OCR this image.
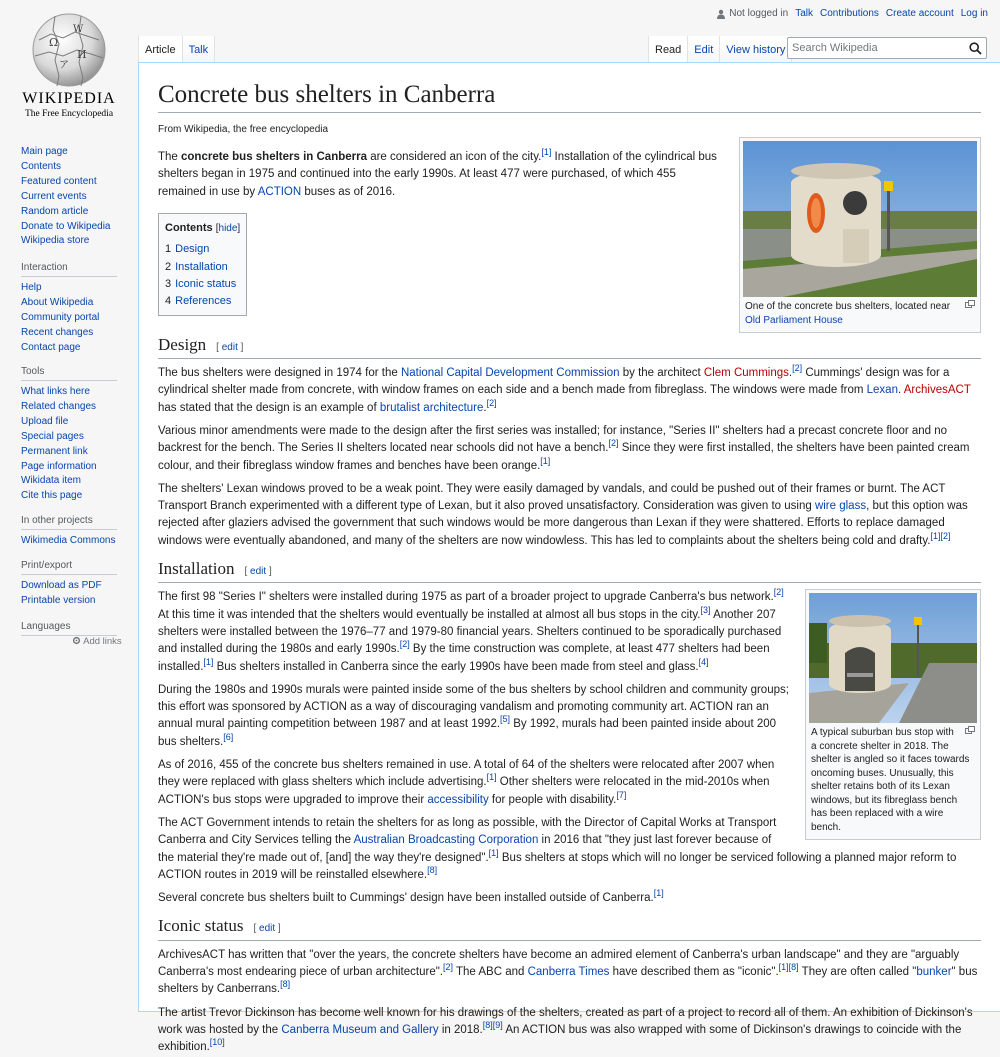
Ω
W
И
ア
WIKIPEDIA
The Free Encyclopedia
Main page
Contents
Featured content
Current events
Random article
Donate to Wikipedia
Wikipedia store
Interaction
Help
About Wikipedia
Community portal
Recent changes
Contact page
Tools
What links here
Related changes
Upload file
Special pages
Permanent link
Page information
Wikidata item
Cite this page
In other projects
Wikimedia Commons
Print/export
Download as PDF
Printable version
Languages
Add links
Not logged in Talk Contributions Create account Log in
Article	Talk	Read	Edit	View history
Search Wikipedia
Concrete bus shelters in Canberra
From Wikipedia, the free encyclopedia
One of the concrete bus shelters, located near Old Parliament House

The concrete bus shelters in Canberra are considered an icon of the city.[1] Installation of the cylindrical bus shelters began in 1975 and continued into the early 1990s. At least 477 were purchased, of which 455 remained in use by ACTION buses as of 2016.

Contents [hide]
1 Design
2 Installation
3 Iconic status
4 References
Design [ edit ]

The bus shelters were designed in 1974 for the National Capital Development Commission by the architect Clem Cummings.[2] Cummings' design was for a cylindrical shelter made from concrete, with window frames on each side and a bench made from fibreglass. The windows were made from Lexan. ArchivesACT has stated that the design is an example of brutalist architecture.[2]

Various minor amendments were made to the design after the first series was installed; for instance, "Series II" shelters had a precast concrete floor and no backrest for the bench. The Series II shelters located near schools did not have a bench.[2] Since they were first installed, the shelters have been painted cream colour, and their fibreglass window frames and benches have been orange.[1]

The shelters' Lexan windows proved to be a weak point. They were easily damaged by vandals, and could be pushed out of their frames or burnt. The ACT Transport Branch experimented with a different type of Lexan, but it also proved unsatisfactory. Consideration was given to using wire glass, but this option was rejected after glaziers advised the government that such windows would be more dangerous than Lexan if they were shattered. Efforts to replace damaged windows were eventually abandoned, and many of the shelters are now windowless. This has led to complaints about the shelters being cold and drafty.[1][2]

Installation [ edit ]
A typical suburban bus stop with a concrete shelter in 2018. The shelter is angled so it faces towards oncoming buses. Unusually, this shelter retains both of its Lexan windows, but its fibreglass bench has been replaced with a wire bench.

The first 98 "Series I" shelters were installed during 1975 as part of a broader project to upgrade Canberra's bus network.[2] At this time it was intended that the shelters would eventually be installed at almost all bus stops in the city.[3] Another 207 shelters were installed between the 1976–77 and 1979-80 financial years. Shelters continued to be sporadically purchased and installed during the 1980s and early 1990s.[2] By the time construction was complete, at least 477 shelters had been installed.[1] Bus shelters installed in Canberra since the early 1990s have been made from steel and glass.[4]

During the 1980s and 1990s murals were painted inside some of the bus shelters by school children and community groups; this effort was sponsored by ACTION as a way of discouraging vandalism and promoting community art. ACTION ran an annual mural painting competition between 1987 and at least 1992.[5] By 1992, murals had been painted inside about 200 bus shelters.[6]

As of 2016, 455 of the concrete bus shelters remained in use. A total of 64 of the shelters were relocated after 2007 when they were replaced with glass shelters which include advertising.[1] Other shelters were relocated in the mid-2010s when ACTION's bus stops were upgraded to improve their accessibility for people with disability.[7]

The ACT Government intends to retain the shelters for as long as possible, with the Director of Capital Works at Transport Canberra and City Services telling the Australian Broadcasting Corporation in 2016 that "they just last forever because of the material they're made out of, [and] the way they're designed".[1] Bus shelters at stops which will no longer be serviced following a planned major reform to ACTION routes in 2019 will be reinstalled elsewhere.[8]

Several concrete bus shelters built to Cummings' design have been installed outside of Canberra.[1]

Iconic status [ edit ]

ArchivesACT has written that "over the years, the concrete shelters have become an admired element of Canberra's urban landscape" and they are "arguably Canberra's most endearing piece of urban architecture".[2] The ABC and Canberra Times have described them as "iconic".[1][8] They are often called "bunker" bus shelters by Canberrans.[8]

The artist Trevor Dickinson has become well known for his drawings of the shelters, created as part of a project to record all of them. An exhibition of Dickinson's work was hosted by the Canberra Museum and Gallery in 2018.[8][9] An ACTION bus was also wrapped with some of Dickinson's drawings to coincide with the exhibition.[10]
